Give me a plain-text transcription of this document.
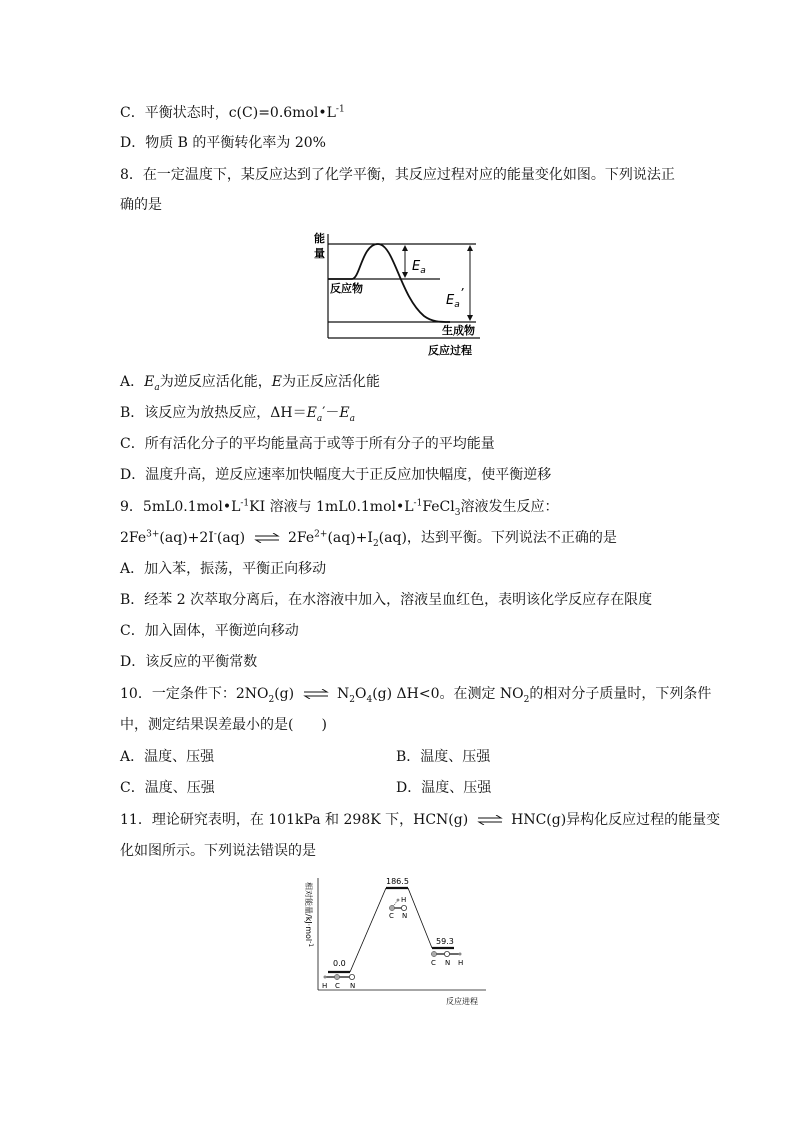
C．平衡状态时，$c(C)=0.6mol•L^{-1}$
D．物质 B 的平衡转化率为 20%
8．在一定温度下，某反应达到了化学平衡，其反应过程对应的能量变化如图。下列说法正
确的是
能
量
$E_a$
$E_a$’
反应物
生成物
反应过程
A．$E_a$为逆反应活化能，E为正反应活化能
B．该反应为放热反应，$\Delta H=E_a'-E_a$
C．所有活化分子的平均能量高于或等于所有分子的平均能量
D．温度升高，逆反应速率加快幅度大于正反应加快幅度，使平衡逆移
9．$5mL0.1mol•L^{-1}KI$ 溶液与 $1mL0.1mol•L^{-1}FeCl_3$溶液发生反应：
$2Fe^{3+}(aq)+2I^-(aq)$ ⇌ $2Fe^{2+}(aq)+I_2(aq)$，达到平衡。下列说法不正确的是
A．加入苯，振荡，平衡正向移动
B．经苯 2 次萃取分离后，在水溶液中加入，溶液呈血红色，表明该化学反应存在限度
C．加入固体，平衡逆向移动
D．该反应的平衡常数
10．一定条件下：$2NO_2(g)$ ⇌ $N_2O_4(g)$ ΔH<0。在测定 $NO_2$的相对分子质量时，下列条件
中，测定结果误差最小的是(　　)
A．温度、压强	B．温度、压强
C．温度、压强	D．温度、压强
11．理论研究表明，在 101kPa 和 298K 下，HCN(g) ⇌ HNC(g)异构化反应过程的能量变
化如图所示。下列说法错误的是
相对能量/kJ·mol$^{-1}$
0.0
186.5
59.3
H C N
H
C N
C N H
反应进程
